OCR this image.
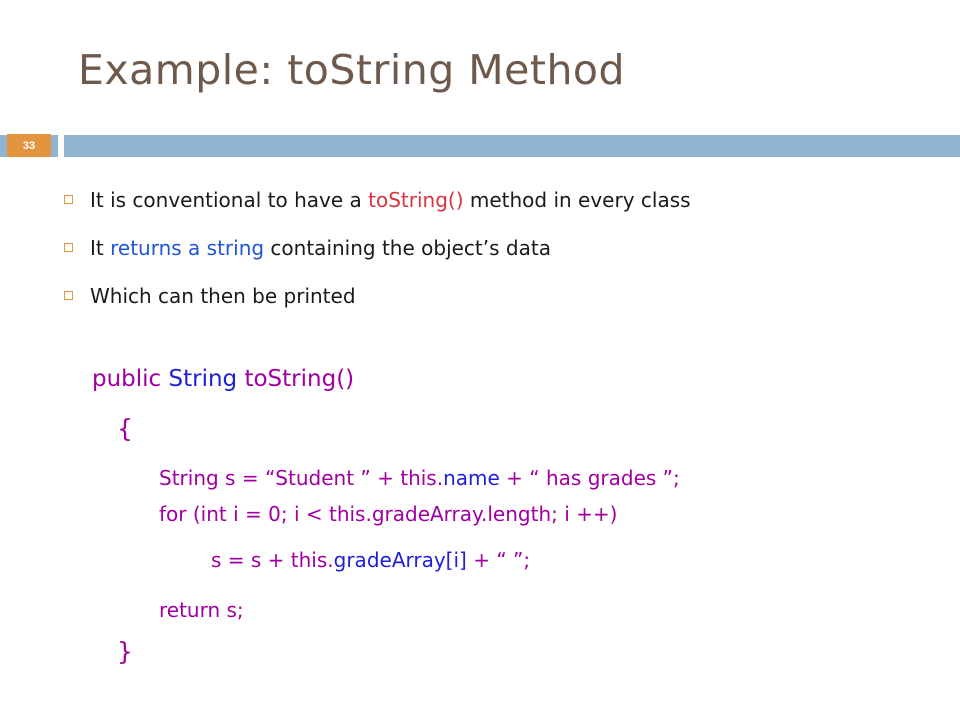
Example: toString Method
33
It is conventional to have a toString() method in every class
It returns a string containing the object’s data
Which can then be printed
public String toString()
{
String s = “Student ” + this.name + “ has grades ”;
for (int i = 0; i < this.gradeArray.length; i ++)
s = s + this.gradeArray[i] + “ ”;
return s;
}
